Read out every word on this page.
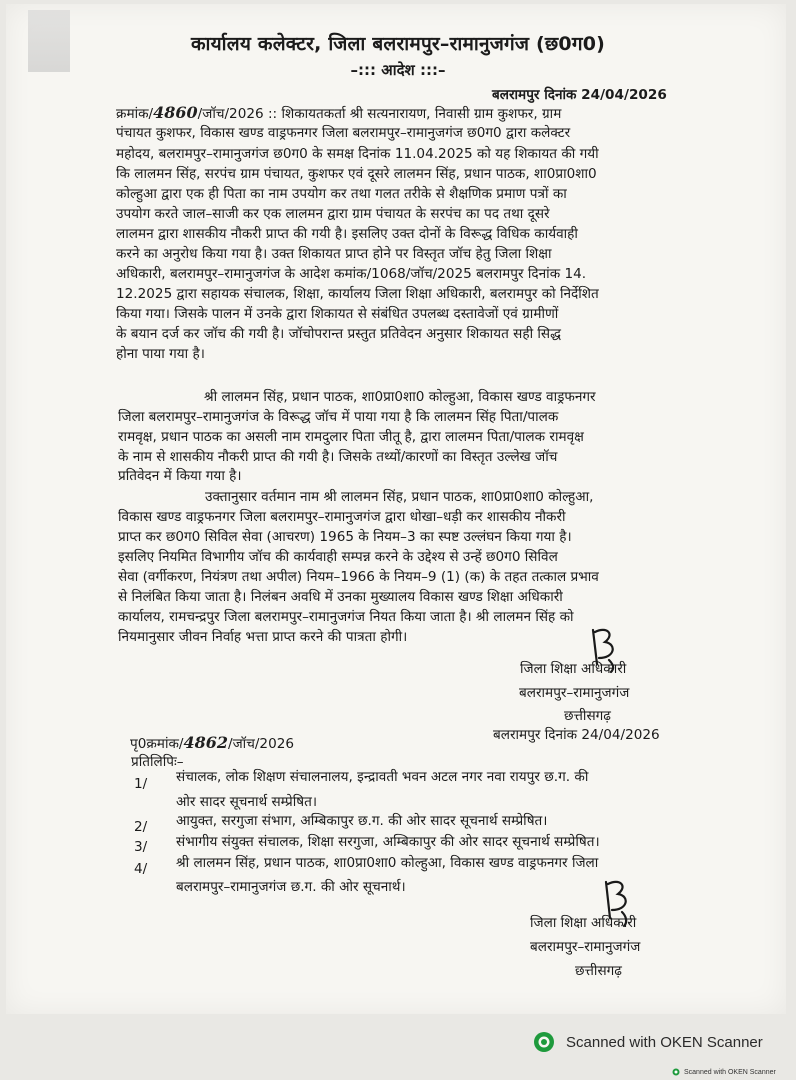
कार्यालय कलेक्टर, जिला बलरामपुर–रामानुजगंज (छ0ग0)
–::: आदेश :::–
बलरामपुर दिनांक 24/04/2026
क्रमांक/4860/जॉच/2026 :: शिकायतकर्ता श्री सत्यनारायण, निवासी ग्राम कुशफर, ग्राम
पंचायत कुशफर, विकास खण्ड वाड्रफनगर जिला बलरामपुर–रामानुजगंज छ0ग0 द्वारा कलेक्टर
महोदय, बलरामपुर–रामानुजगंज छ0ग0 के समक्ष दिनांक 11.04.2025 को यह शिकायत की गयी
कि लालमन सिंह, सरपंच ग्राम पंचायत, कुशफर एवं दूसरे लालमन सिंह, प्रधान पाठक, शा0प्रा0शा0
कोल्हुआ द्वारा एक ही पिता का नाम उपयोग कर तथा गलत तरीके से शैक्षणिक प्रमाण पत्रों का
उपयोग करते जाल–साजी कर एक लालमन द्वारा ग्राम पंचायत के सरपंच का पद तथा दूसरे
लालमन द्वारा शासकीय नौकरी प्राप्त की गयी है। इसलिए उक्त दोनों के विरूद्ध विधिक कार्यवाही
करने का अनुरोध किया गया है। उक्त शिकायत प्राप्त होने पर विस्तृत जॉच हेतु जिला शिक्षा
अधिकारी, बलरामपुर–रामानुजगंज के आदेश कमांक/1068/जॉच/2025 बलरामपुर दिनांक 14.
12.2025 द्वारा सहायक संचालक, शिक्षा, कार्यालय जिला शिक्षा अधिकारी, बलरामपुर को निर्देशित
किया गया। जिसके पालन में उनके द्वारा शिकायत से संबंधित उपलब्ध दस्तावेजों एवं ग्रामीणों
के बयान दर्ज कर जॉच की गयी है। जॉचोपरान्त प्रस्तुत प्रतिवेदन अनुसार शिकायत सही सिद्ध
होना पाया गया है।
श्री लालमन सिंह, प्रधान पाठक, शा0प्रा0शा0 कोल्हुआ, विकास खण्ड वाड्रफनगर
जिला बलरामपुर–रामानुजगंज के विरूद्ध जॉच में पाया गया है कि लालमन सिंह पिता/पालक
रामवृक्ष, प्रधान पाठक का असली नाम रामदुलार पिता जीतू है, द्वारा लालमन पिता/पालक रामवृक्ष
के नाम से शासकीय नौकरी प्राप्त की गयी है। जिसके तथ्यों/कारणों का विस्तृत उल्लेख जॉच
प्रतिवेदन में किया गया है।
उक्तानुसार वर्तमान नाम श्री लालमन सिंह, प्रधान पाठक, शा0प्रा0शा0 कोल्हुआ,
विकास खण्ड वाड्रफनगर जिला बलरामपुर–रामानुजगंज द्वारा धोखा–धड़ी कर शासकीय नौकरी
प्राप्त कर छ0ग0 सिविल सेवा (आचरण) 1965 के नियम–3 का स्पष्ट उल्लंघन किया गया है।
इसलिए नियमित विभागीय जॉच की कार्यवाही सम्पन्न करने के उद्देश्य से उन्हें छ0ग0 सिविल
सेवा (वर्गीकरण, नियंत्रण तथा अपील) नियम–1966 के नियम–9 (1) (क) के तहत तत्काल प्रभाव
से निलंबित किया जाता है। निलंबन अवधि में उनका मुख्यालय विकास खण्ड शिक्षा अधिकारी
कार्यालय, रामचन्द्रपुर जिला बलरामपुर–रामानुजगंज नियत किया जाता है। श्री लालमन सिंह को
नियमानुसार जीवन निर्वाह भत्ता प्राप्त करने की पात्रता होगी।
जिला शिक्षा अधिकारी
बलरामपुर–रामानुजगंज
छत्तीसगढ़
पृ0क्रमांक/4862/जॉच/2026
बलरामपुर दिनांक 24/04/2026
प्रतिलिपिः–
1/ संचालक, लोक शिक्षण संचालनालय, इन्द्रावती भवन अटल नगर नवा रायपुर छ.ग. की
ओर सादर सूचनार्थ सम्प्रेषित।
2/ आयुक्त, सरगुजा संभाग, अम्बिकापुर छ.ग. की ओर सादर सूचनार्थ सम्प्रेषित।
3/ संभागीय संयुक्त संचालक, शिक्षा सरगुजा, अम्बिकापुर की ओर सादर सूचनार्थ सम्प्रेषित।
4/ श्री लालमन सिंह, प्रधान पाठक, शा0प्रा0शा0 कोल्हुआ, विकास खण्ड वाड्रफनगर जिला
बलरामपुर–रामानुजगंज छ.ग. की ओर सूचनार्थ।
जिला शिक्षा अधिकारी
बलरामपुर–रामानुजगंज
छत्तीसगढ़
Scanned with OKEN Scanner
Scanned with OKEN Scanner
